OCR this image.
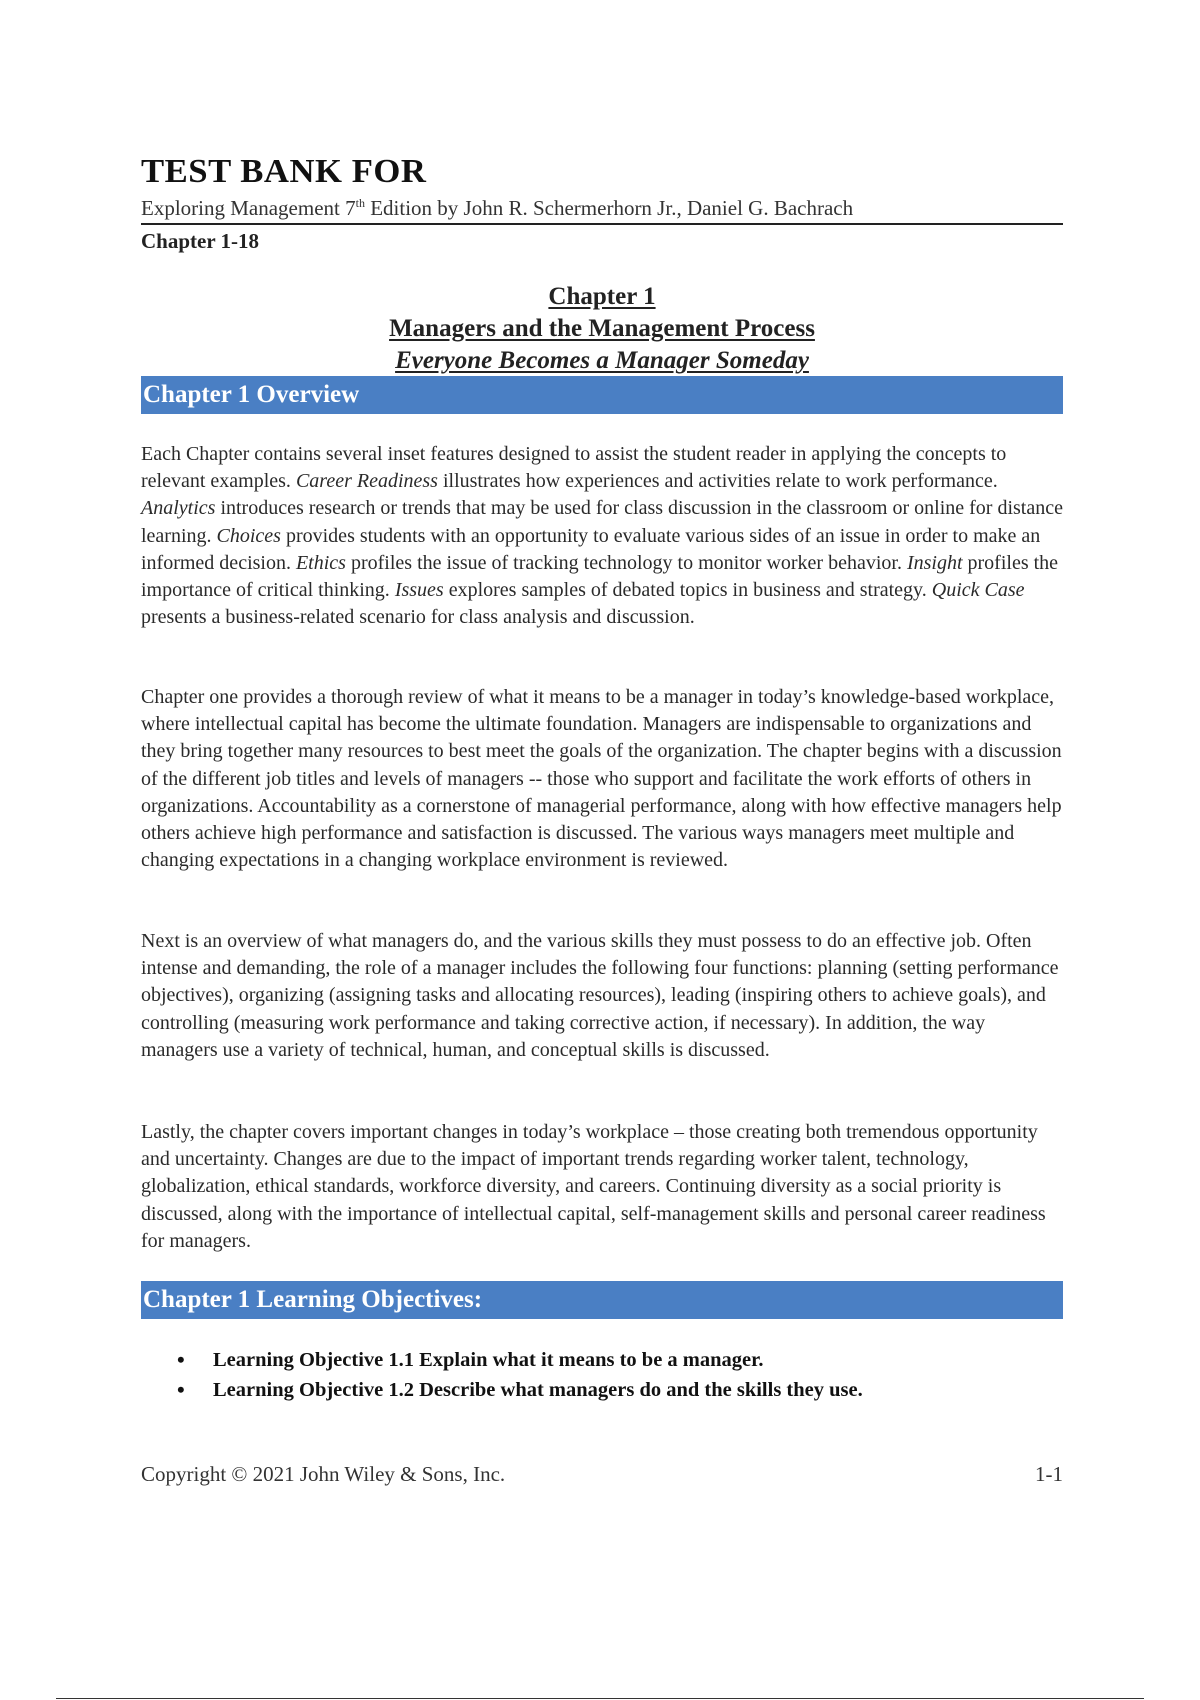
TEST BANK FOR
Exploring Management 7th Edition by John R. Schermerhorn Jr., Daniel G. Bachrach
Chapter 1-18
Chapter 1
Managers and the Management Process
Everyone Becomes a Manager Someday
Chapter 1 Overview
Each Chapter contains several inset features designed to assist the student reader in applying the concepts to relevant examples. Career Readiness illustrates how experiences and activities relate to work performance. Analytics introduces research or trends that may be used for class discussion in the classroom or online for distance learning. Choices provides students with an opportunity to evaluate various sides of an issue in order to make an informed decision. Ethics profiles the issue of tracking technology to monitor worker behavior. Insight profiles the importance of critical thinking. Issues explores samples of debated topics in business and strategy. Quick Case presents a business-related scenario for class analysis and discussion.
Chapter one provides a thorough review of what it means to be a manager in today’s knowledge-based workplace, where intellectual capital has become the ultimate foundation. Managers are indispensable to organizations and they bring together many resources to best meet the goals of the organization. The chapter begins with a discussion of the different job titles and levels of managers -- those who support and facilitate the work efforts of others in organizations. Accountability as a cornerstone of managerial performance, along with how effective managers help others achieve high performance and satisfaction is discussed. The various ways managers meet multiple and changing expectations in a changing workplace environment is reviewed.
Next is an overview of what managers do, and the various skills they must possess to do an effective job. Often intense and demanding, the role of a manager includes the following four functions: planning (setting performance objectives), organizing (assigning tasks and allocating resources), leading (inspiring others to achieve goals), and controlling (measuring work performance and taking corrective action, if necessary). In addition, the way managers use a variety of technical, human, and conceptual skills is discussed.
Lastly, the chapter covers important changes in today’s workplace – those creating both tremendous opportunity and uncertainty. Changes are due to the impact of important trends regarding worker talent, technology, globalization, ethical standards, workforce diversity, and careers. Continuing diversity as a social priority is discussed, along with the importance of intellectual capital, self-management skills and personal career readiness for managers.
Chapter 1 Learning Objectives:
• Learning Objective 1.1 Explain what it means to be a manager.
• Learning Objective 1.2 Describe what managers do and the skills they use.
Copyright © 2021 John Wiley & Sons, Inc.	1-1
